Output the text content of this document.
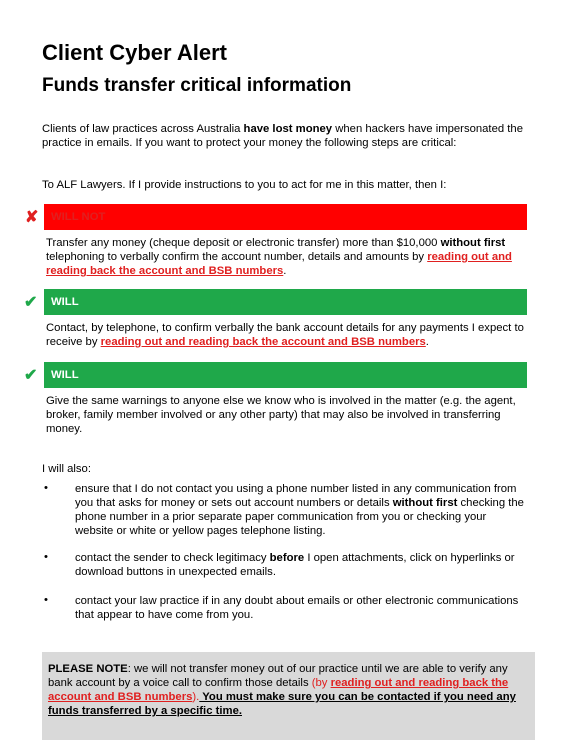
Client Cyber Alert
Funds transfer critical information
Clients of law practices across Australia have lost money when hackers have impersonated the practice in emails. If you want to protect your money the following steps are critical:
To ALF Lawyers. If I provide instructions to you to act for me in this matter, then I:
✘	WILL NOT
Transfer any money (cheque deposit or electronic transfer) more than $10,000 without first telephoning to verbally confirm the account number, details and amounts by reading out and reading back the account and BSB numbers.
✔	WILL
Contact, by telephone, to confirm verbally the bank account details for any payments I expect to receive by reading out and reading back the account and BSB numbers.
✔	WILL
Give the same warnings to anyone else we know who is involved in the matter (e.g. the agent, broker, family member involved or any other party) that may also be involved in transferring money.
I will also:
• ensure that I do not contact you using a phone number listed in any communication from you that asks for money or sets out account numbers or details without first checking the phone number in a prior separate paper communication from you or checking your website or white or yellow pages telephone listing.
• contact the sender to check legitimacy before I open attachments, click on hyperlinks or download buttons in unexpected emails.
• contact your law practice if in any doubt about emails or other electronic communications that appear to have come from you.
PLEASE NOTE: we will not transfer money out of our practice until we are able to verify any bank account by a voice call to confirm those details (by reading out and reading back the account and BSB numbers). You must make sure you can be contacted if you need any funds transferred by a specific time.
